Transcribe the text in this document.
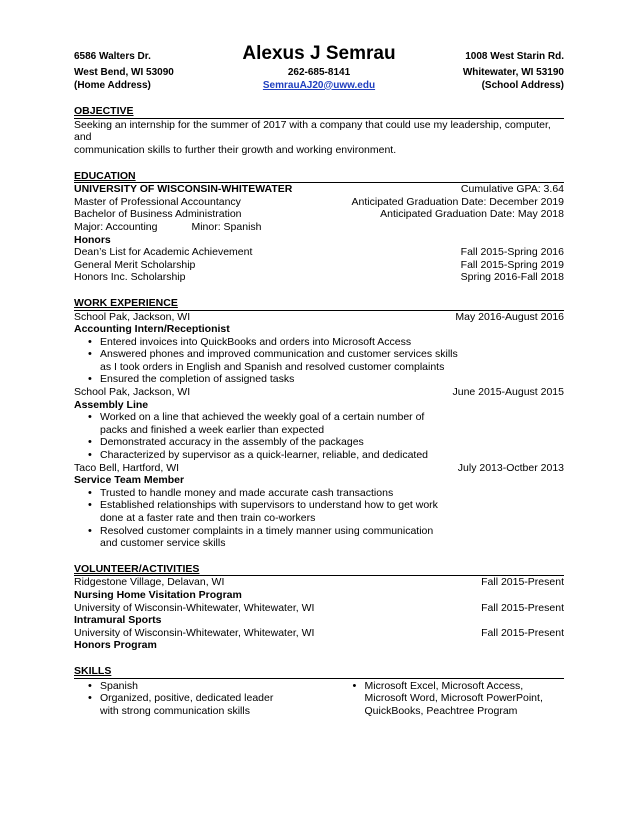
6586 Walters Dr.	Alexus J Semrau	1008 West Starin Rd.
West Bend, WI 53090	262-685-8141	Whitewater, WI 53190
(Home Address)	SemrauAJ20@uww.edu	(School Address)
OBJECTIVE
Seeking an internship for the summer of 2017 with a company that could use my leadership, computer, and
communication skills to further their growth and working environment.
EDUCATION
UNIVERSITY OF WISCONSIN-WHITEWATER	Cumulative GPA: 3.64
Master of Professional Accountancy	Anticipated Graduation Date: December 2019
Bachelor of Business Administration	Anticipated Graduation Date: May 2018
Major: Accounting	Minor: Spanish
Honors
Dean’s List for Academic Achievement	Fall 2015-Spring 2016
General Merit Scholarship	Fall 2015-Spring 2019
Honors Inc. Scholarship	Spring 2016-Fall 2018
WORK EXPERIENCE
School Pak, Jackson, WI	May 2016-August 2016
Accounting Intern/Receptionist
• Entered invoices into QuickBooks and orders into Microsoft Access
• Answered phones and improved communication and customer services skills
as I took orders in English and Spanish and resolved customer complaints
• Ensured the completion of assigned tasks
School Pak, Jackson, WI	June 2015-August 2015
Assembly Line
• Worked on a line that achieved the weekly goal of a certain number of
packs and finished a week earlier than expected
• Demonstrated accuracy in the assembly of the packages
• Characterized by supervisor as a quick-learner, reliable, and dedicated
Taco Bell, Hartford, WI	July 2013-Octber 2013
Service Team Member
• Trusted to handle money and made accurate cash transactions
• Established relationships with supervisors to understand how to get work
done at a faster rate and then train co-workers
• Resolved customer complaints in a timely manner using communication
and customer service skills
VOLUNTEER/ACTIVITIES
Ridgestone Village, Delavan, WI	Fall 2015-Present
Nursing Home Visitation Program
University of Wisconsin-Whitewater, Whitewater, WI	Fall 2015-Present
Intramural Sports
University of Wisconsin-Whitewater, Whitewater, WI	Fall 2015-Present
Honors Program
SKILLS
• Spanish
• Organized, positive, dedicated leader
with strong communication skills
• Microsoft Excel, Microsoft Access,
Microsoft Word, Microsoft PowerPoint,
QuickBooks, Peachtree Program
